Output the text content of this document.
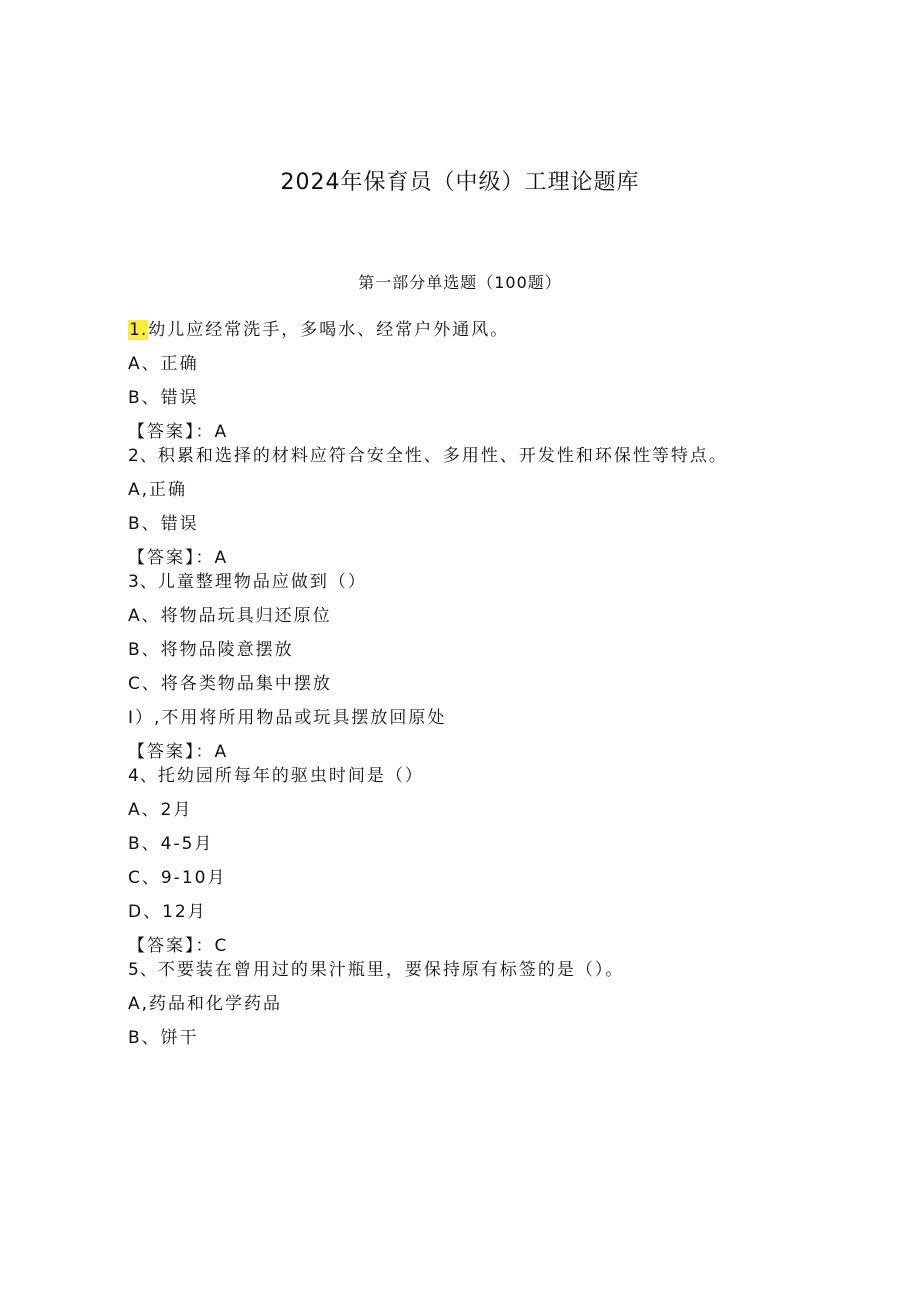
2024年保育员（中级）工理论题库
第一部分单选题（100题）
1.幼儿应经常洗手，多喝水、经常户外通风。
A、正确
B、错误
【答案】：A
2、积累和选择的材料应符合安全性、多用性、开发性和环保性等特点。
A,正确
B、错误
【答案】：A
3、儿童整理物品应做到（）
A、将物品玩具归还原位
B、将物品陵意摆放
C、将各类物品集中摆放
I）,不用将所用物品或玩具摆放回原处
【答案】：A
4、托幼园所每年的驱虫时间是（）
A、2月
B、4-5月
C、9-10月
D、12月
【答案】：C
5、不要装在曾用过的果汁瓶里，要保持原有标签的是（）。
A,药品和化学药品
B、饼干
